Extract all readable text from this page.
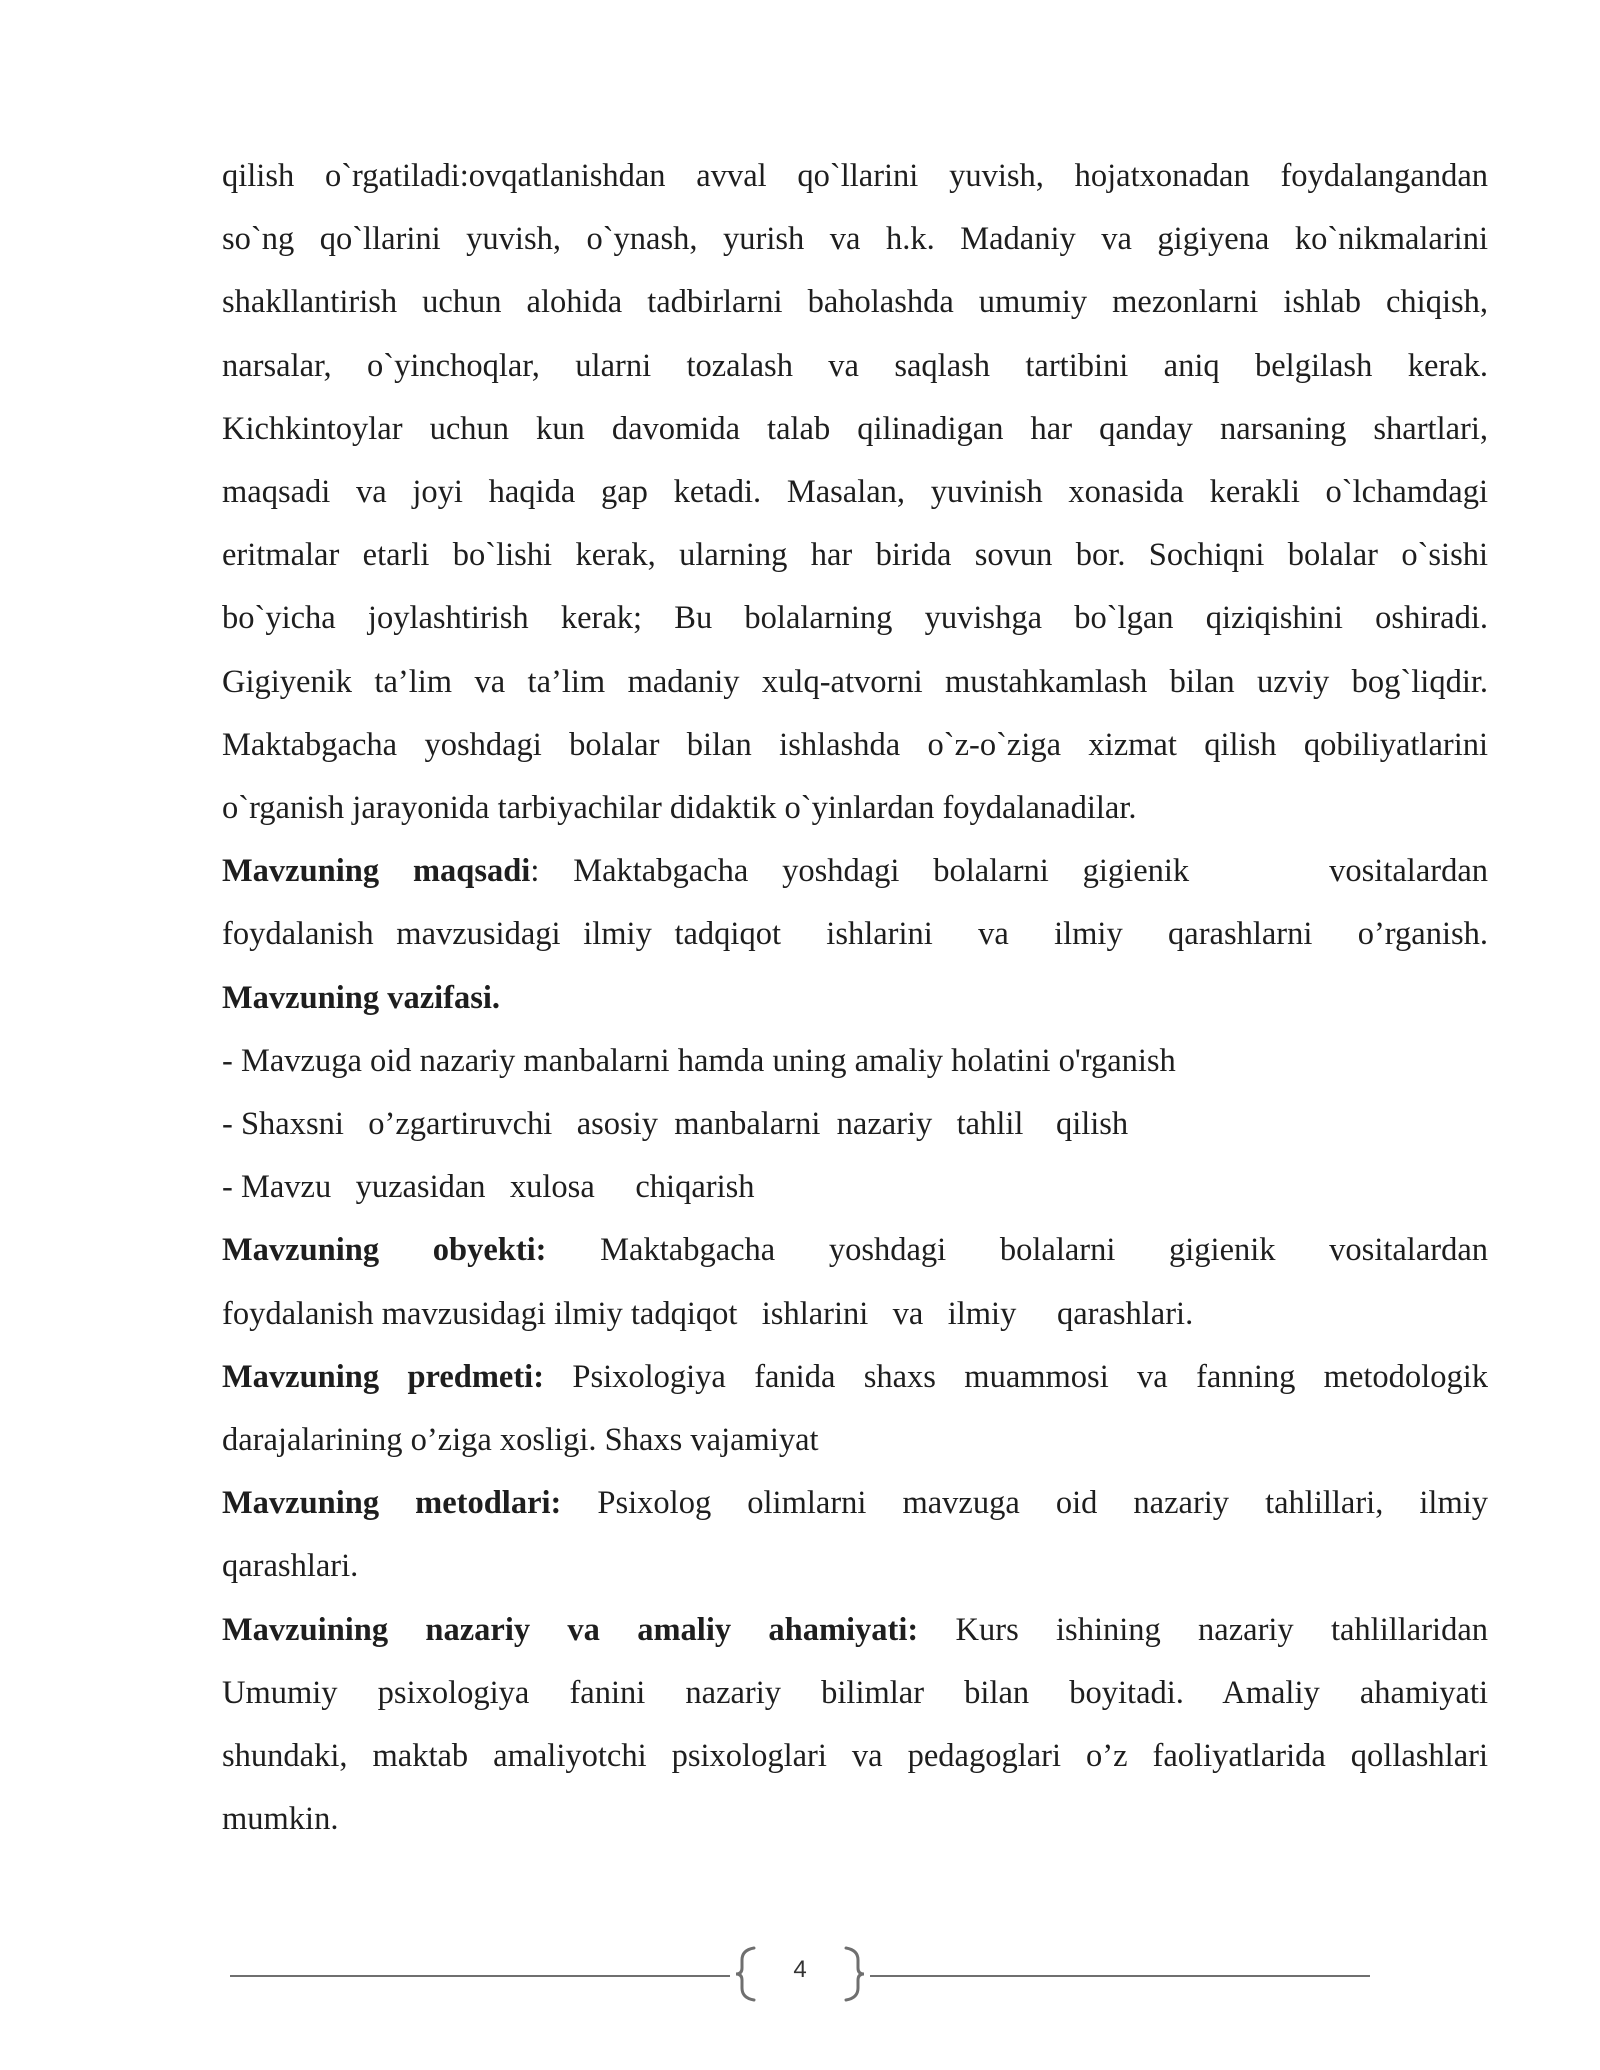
qilish o`rgatiladi:ovqatlanishdan avval qo`llarini yuvish, hojatxonadan foydalangandan

so`ng qo`llarini yuvish, o`ynash, yurish va h.k. Madaniy va gigiyena ko`nikmalarini

shakllantirish uchun alohida tadbirlarni baholashda umumiy mezonlarni ishlab chiqish,

narsalar, o`yinchoqlar, ularni tozalash va saqlash tartibini aniq belgilash kerak.

Kichkintoylar uchun kun davomida talab qilinadigan har qanday narsaning shartlari,

maqsadi va joyi haqida gap ketadi. Masalan, yuvinish xonasida kerakli o`lchamdagi

eritmalar etarli bo`lishi kerak, ularning har birida sovun bor. Sochiqni bolalar o`sishi

bo`yicha joylashtirish kerak; Bu bolalarning yuvishga bo`lgan qiziqishini oshiradi.

Gigiyenik ta’lim va ta’lim madaniy xulq-atvorni mustahkamlash bilan uzviy bog`liqdir.

Maktabgacha yoshdagi bolalar bilan ishlashda o`z-o`ziga xizmat qilish qobiliyatlarini

o`rganish jarayonida tarbiyachilar didaktik o`yinlardan foydalanadilar.

Mavzuning maqsadi: Maktabgacha yoshdagi bolalarni gigienik	vositalardan

foydalanish mavzusidagi ilmiy tadqiqot  ishlarini  va  ilmiy  qarashlarni  o’rganish.

Mavzuning vazifasi.

- Mavzuga oid nazariy manbalarni hamda uning amaliy holatini o'rganish

- Shaxsni   o’zgartiruvchi   asosiy  manbalarni  nazariy   tahlil    qilish

- Mavzu   yuzasidan   xulosa     chiqarish

Mavzuning obyekti: Maktabgacha yoshdagi bolalarni gigienik vositalardan

foydalanish mavzusidagi ilmiy tadqiqot   ishlarini   va   ilmiy     qarashlari.

Mavzuning predmeti: Psixologiya fanida shaxs muammosi va fanning metodologik

darajalarining o’ziga xosligi. Shaxs vajamiyat

Mavzuning metodlari: Psixolog olimlarni mavzuga oid nazariy tahlillari, ilmiy

qarashlari.

Mavzuining nazariy va amaliy ahamiyati: Kurs ishining nazariy tahlillaridan

Umumiy psixologiya fanini nazariy bilimlar bilan boyitadi. Amaliy ahamiyati

shundaki, maktab amaliyotchi psixologlari va pedagoglari o’z faoliyatlarida qollashlari

mumkin.

4
